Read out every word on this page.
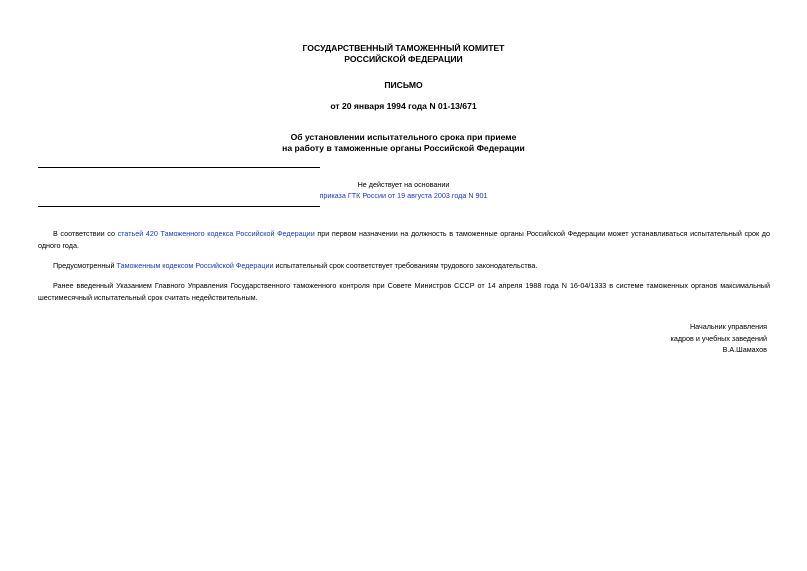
ГОСУДАРСТВЕННЫЙ ТАМОЖЕННЫЙ КОМИТЕТ
РОССИЙСКОЙ ФЕДЕРАЦИИ
ПИСЬМО
от 20 января 1994 года N 01-13/671
Об установлении испытательного срока при приеме
на работу в таможенные органы Российской Федерации
Не действует на основании
приказа ГТК России от 19 августа 2003 года N 901
В соответствии со статьей 420 Таможенного кодекса Российской Федерации при первом назначении на должность в таможенные органы Российской Федерации может устанавливаться испытательный срок до одного года.
Предусмотренный Таможенным кодексом Российской Федерации испытательный срок соответствует требованиям трудового законодательства.
Ранее введенный Указанием Главного Управления Государственного таможенного контроля при Совете Министров СССР от 14 апреля 1988 года N 16-04/1333 в системе таможенных органов максимальный шестимесячный испытательный срок считать недействительным.
Начальник управления
кадров и учебных заведений
В.А.Шамахов
